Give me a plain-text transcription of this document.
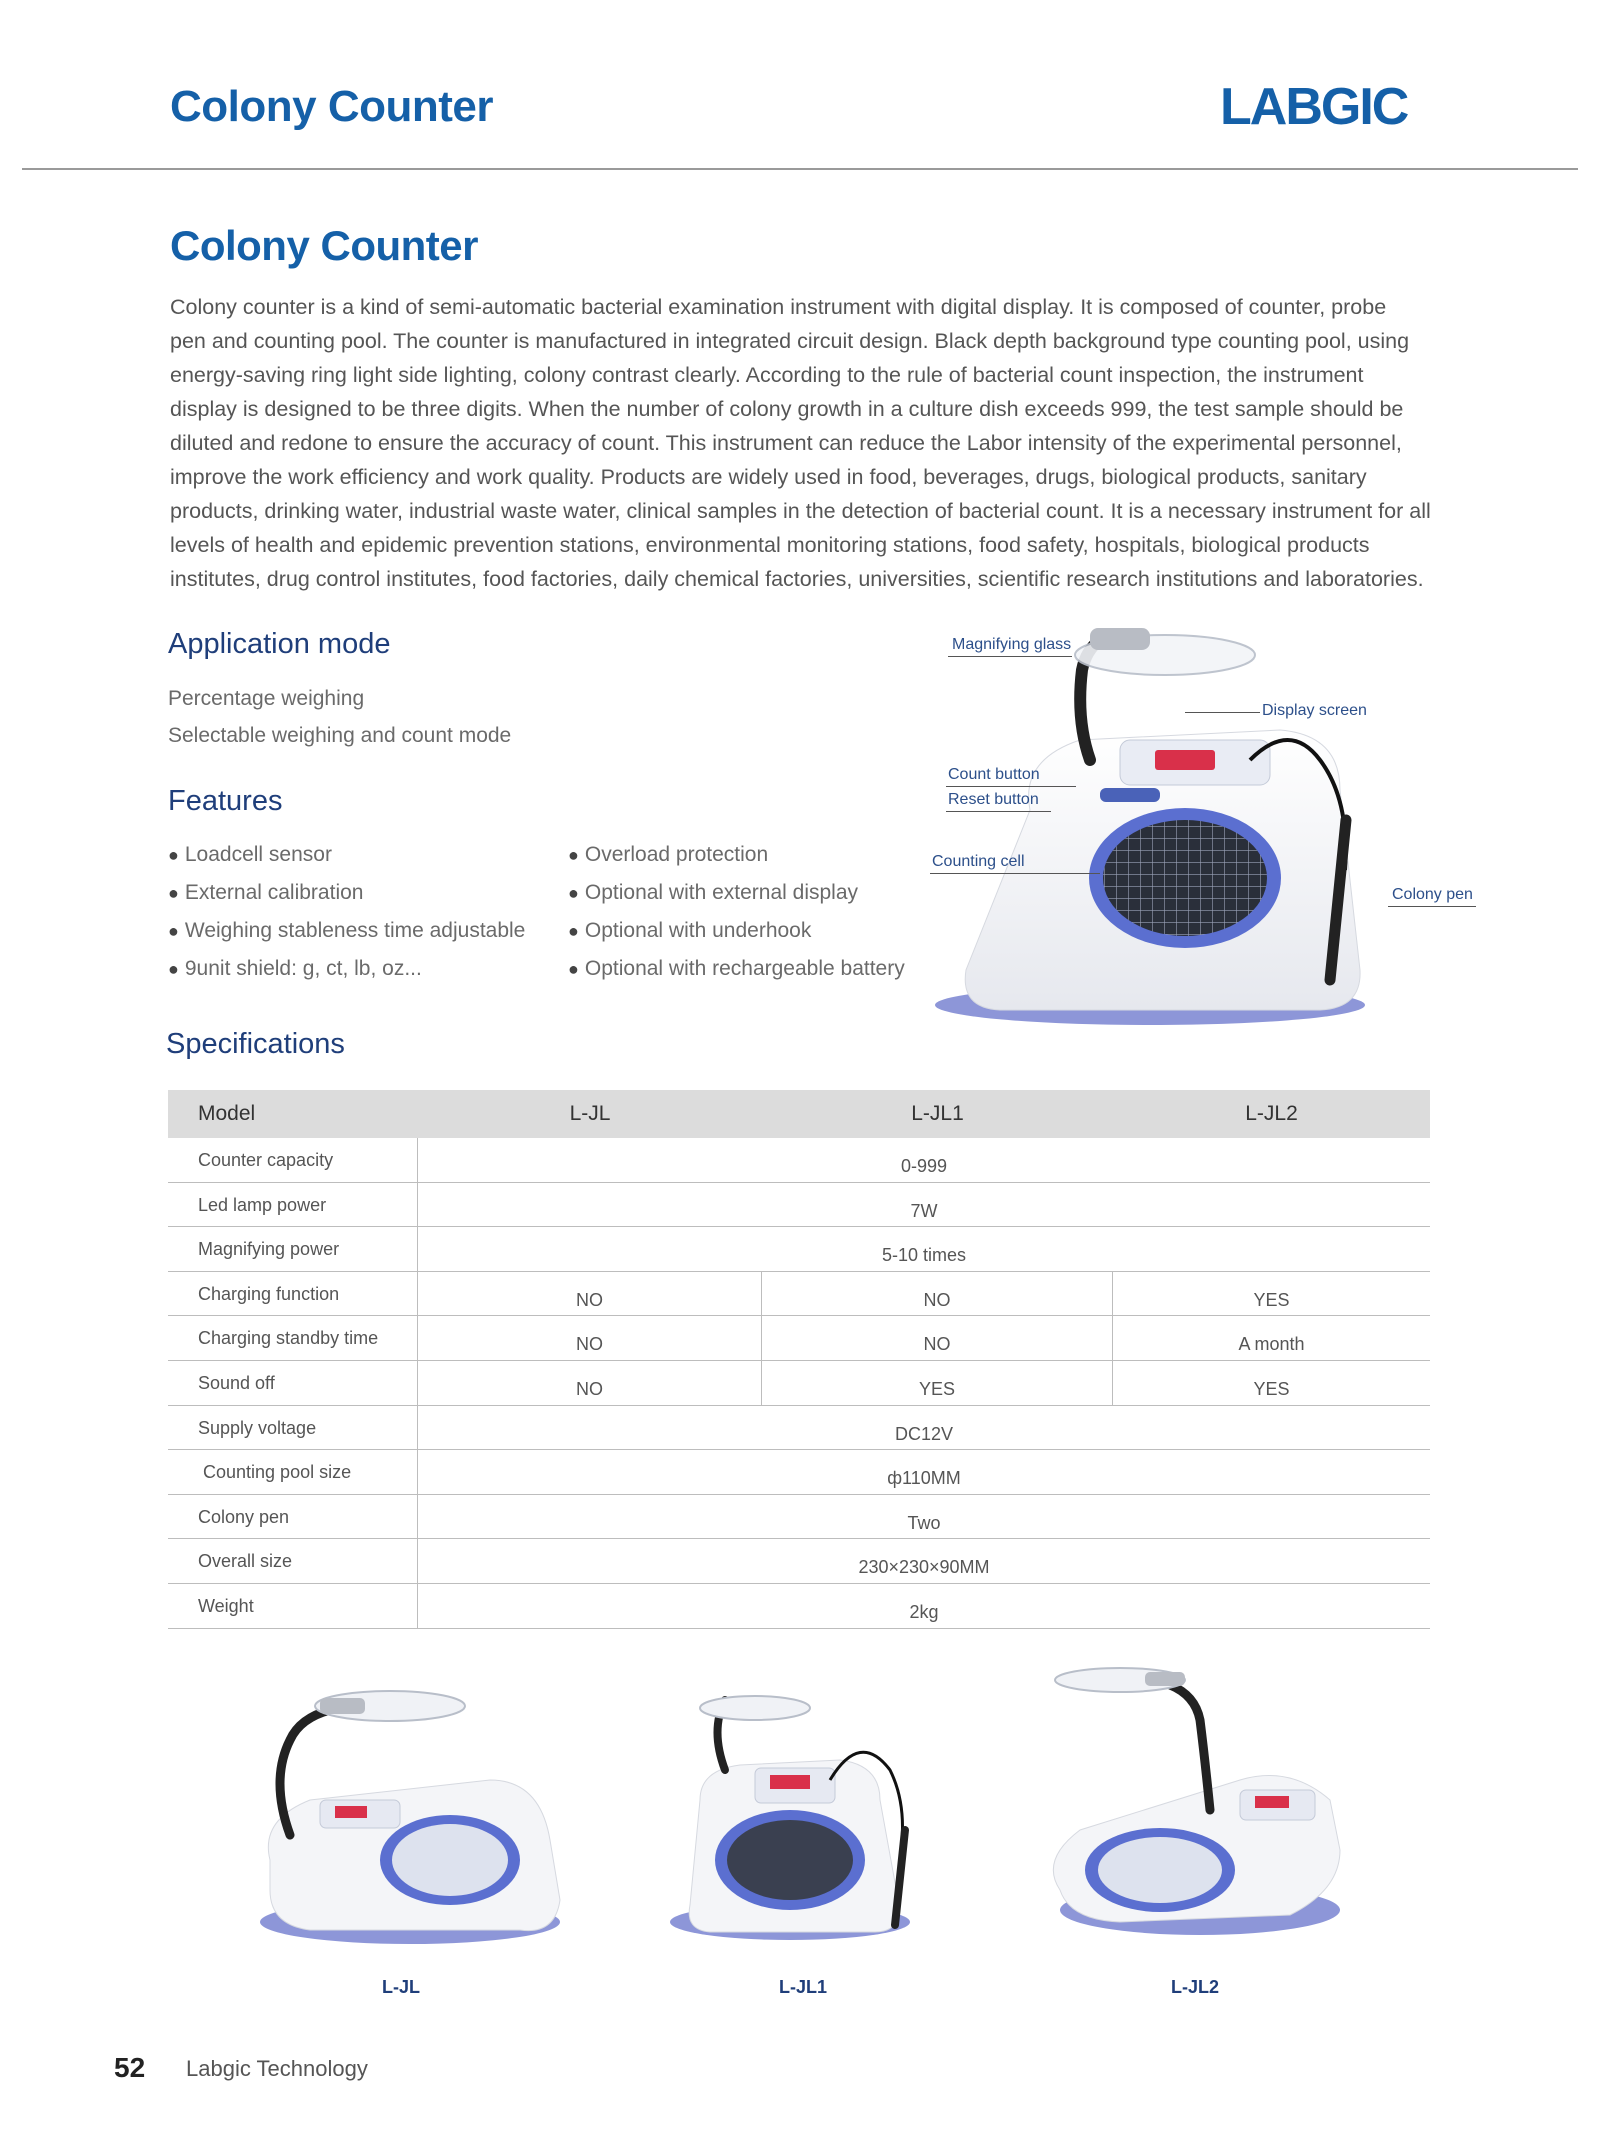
Colony Counter	LABGIC
Colony Counter
Colony counter is a kind of semi-automatic bacterial examination instrument with digital display. It is composed of counter, probe
pen and counting pool. The counter is manufactured in integrated circuit design. Black depth background type counting pool, using
energy-saving ring light side lighting, colony contrast clearly. According to the rule of bacterial count inspection, the instrument
display is designed to be three digits. When the number of colony growth in a culture dish exceeds 999, the test sample should be
diluted and redone to ensure the accuracy of count. This instrument can reduce the Labor intensity of the experimental personnel,
improve the work efficiency and work quality. Products are widely used in food, beverages, drugs, biological products, sanitary
products, drinking water, industrial waste water, clinical samples in the detection of bacterial count. It is a necessary instrument for all
levels of health and epidemic prevention stations, environmental monitoring stations, food safety, hospitals, biological products
institutes, drug control institutes, food factories, daily chemical factories, universities, scientific research institutions and laboratories.
Application mode
Percentage weighing
Selectable weighing and count mode
Features
● Loadcell sensor
● External calibration
● Weighing stableness time adjustable
● 9unit shield: g, ct, lb, oz...
● Overload protection
● Optional with external display
● Optional with underhook
● Optional with rechargeable battery
Magnifying glass
Display screen
Count button
Reset button
Counting cell
Colony pen
Specifications
Model	L-JL	L-JL1	L-JL2
Counter capacity	0-999
Led lamp power	7W
Magnifying power	5-10 times
Charging function	NO	NO	YES
Charging standby time	NO	NO	A month
Sound off	NO	YES	YES
Supply voltage	DC12V
Counting pool size	ф110MM
Colony pen	Two
Overall size	230×230×90MM
Weight	2kg
L-JL	L-JL1	L-JL2
52 Labgic Technology
